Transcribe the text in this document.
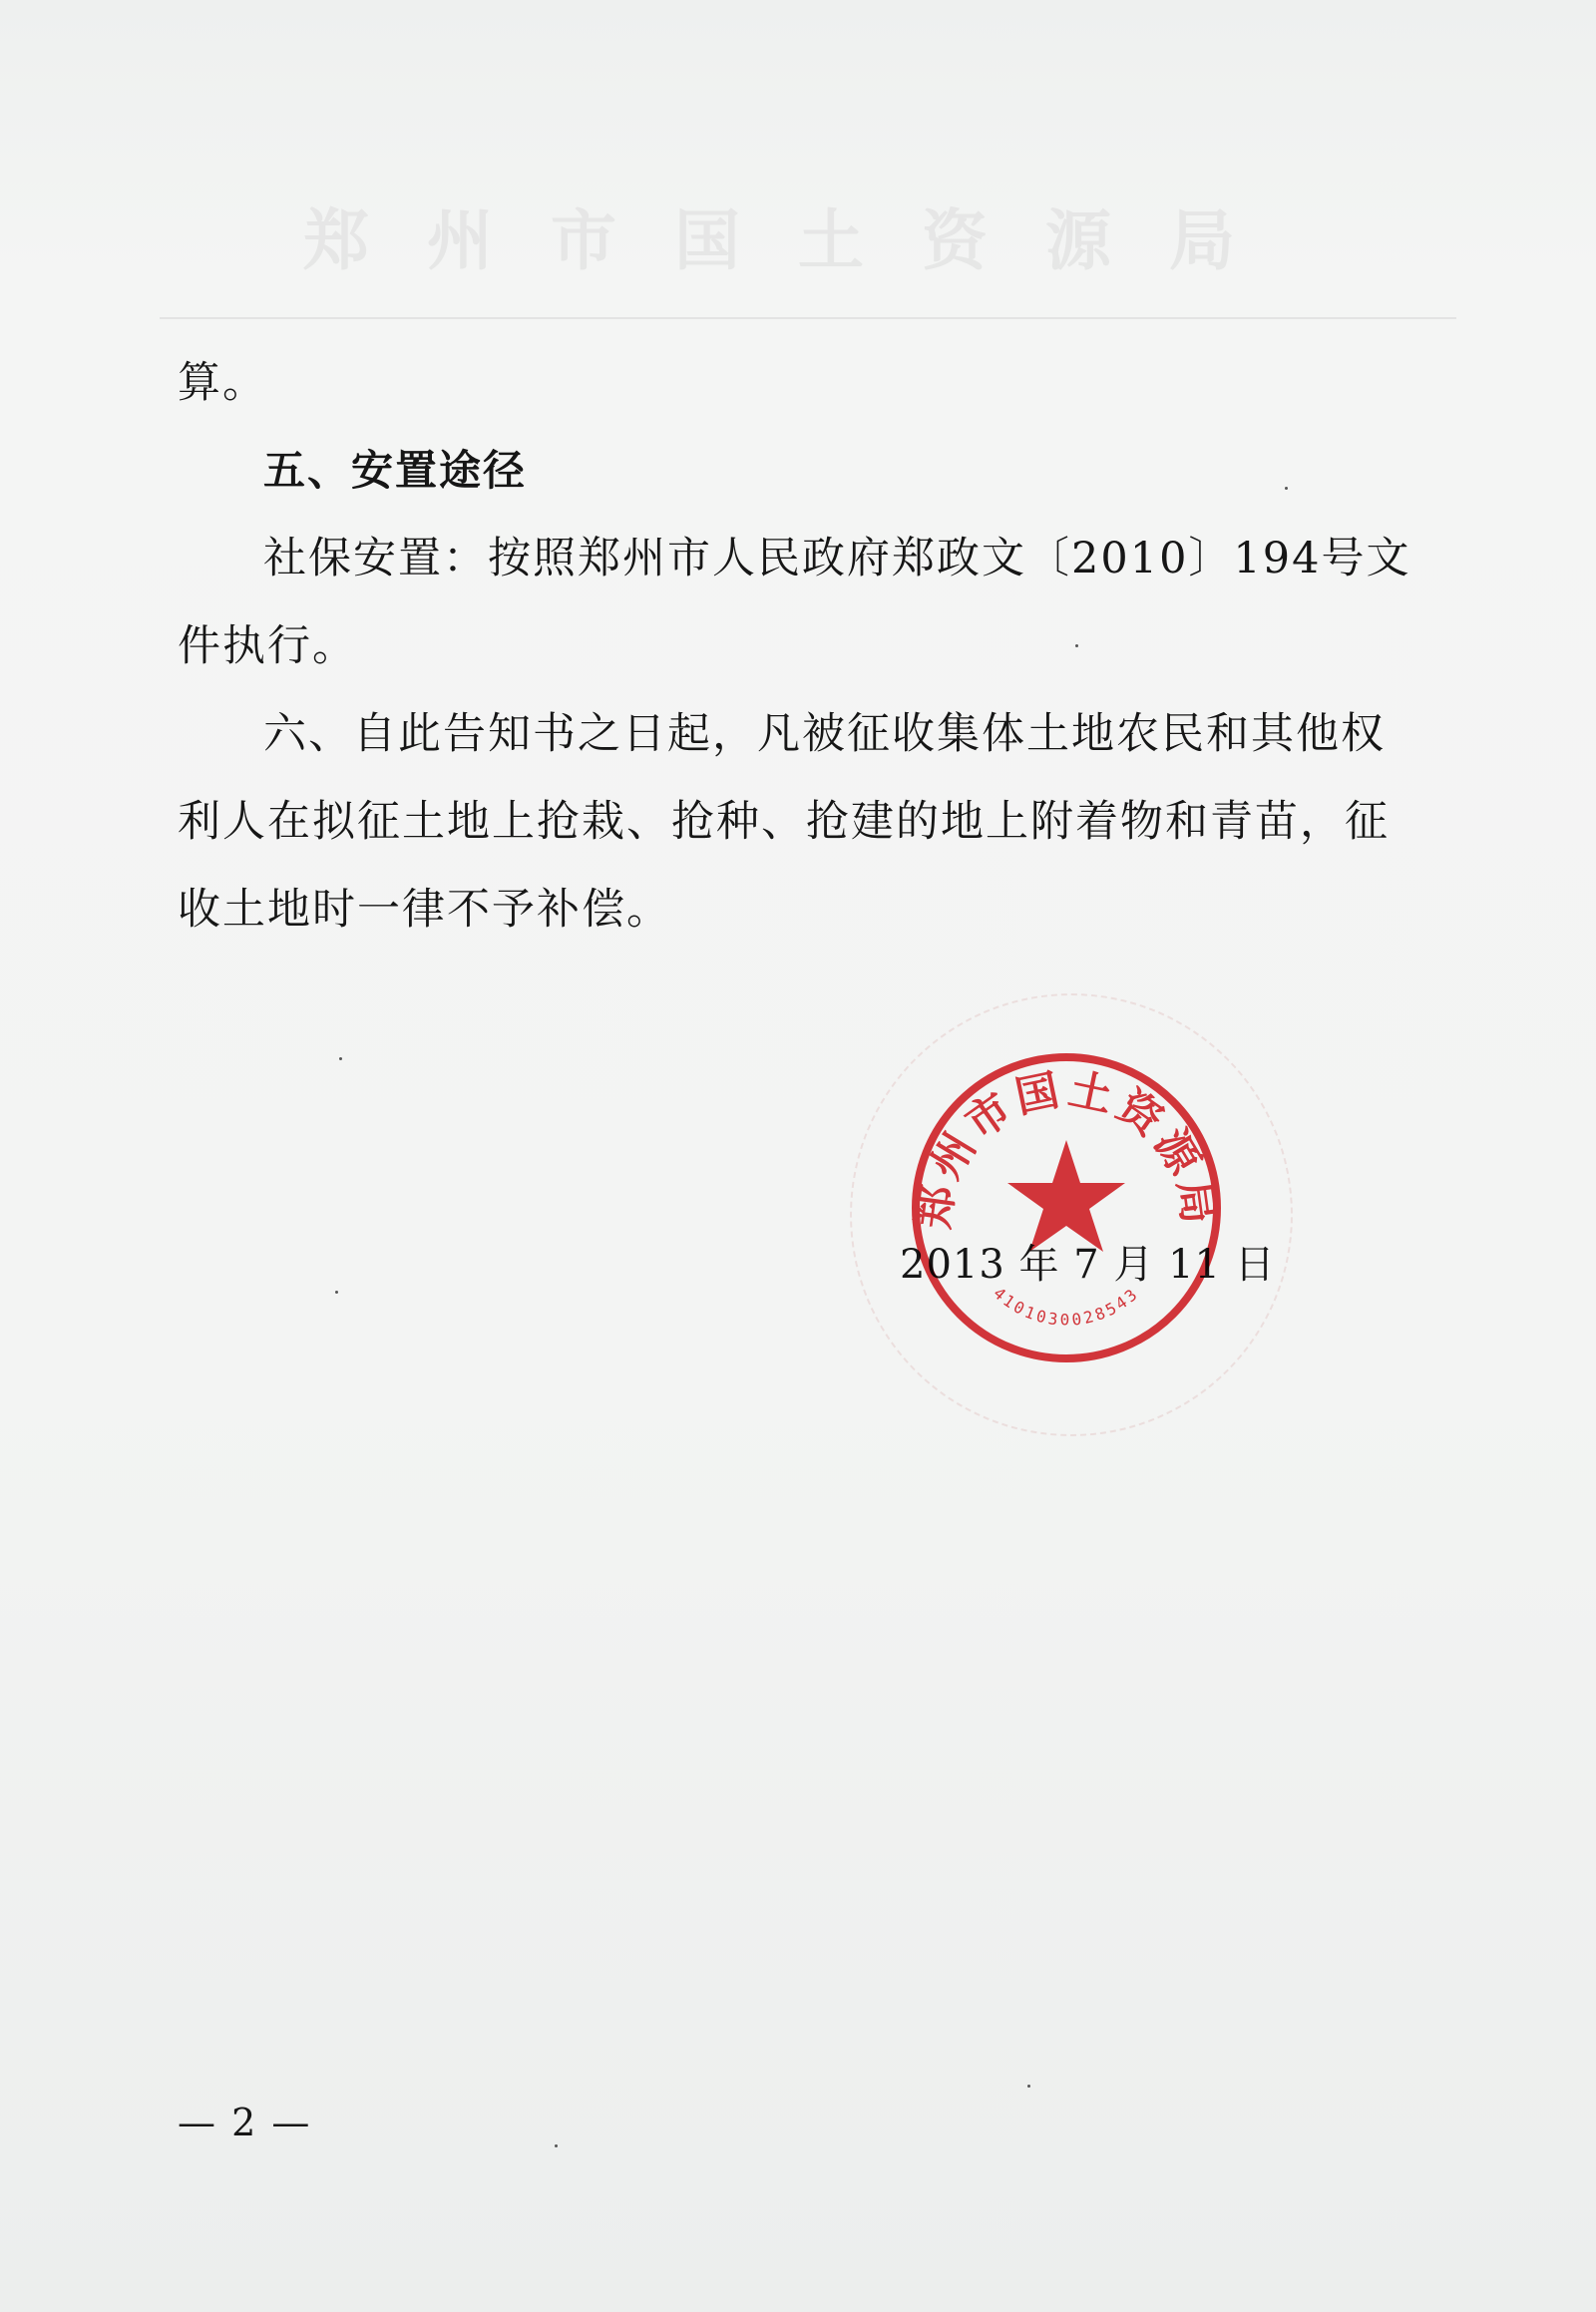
郑州市国土资源局

算。

五、安置途径

社保安置：按照郑州市人民政府郑政文〔2010〕194号文件执行。

六、自此告知书之日起，凡被征收集体土地农民和其他权利人在拟征土地上抢栽、抢种、抢建的地上附着物和青苗，征收土地时一律不予补偿。

2013 年 7 月 11 日
郑州市国土资源局
4101030028543
— 2 —
